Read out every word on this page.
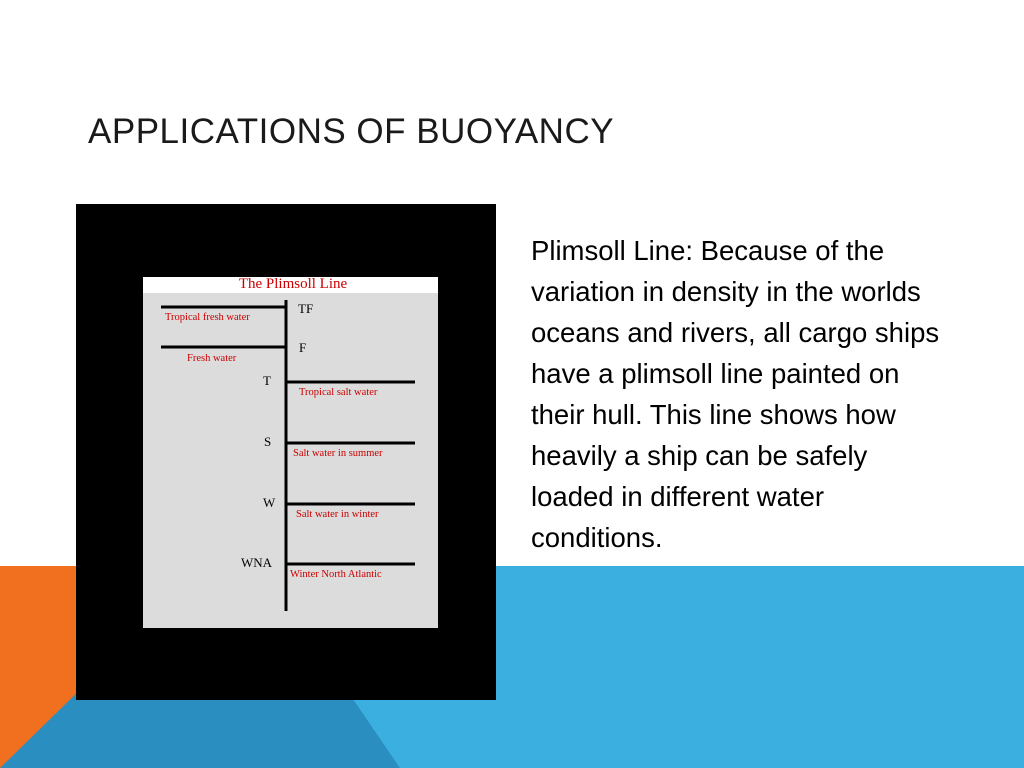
APPLICATIONS OF BUOYANCY
The Plimsoll Line
TF
F
T
S
W
WNA
Tropical fresh water
Fresh water
Tropical salt water
Salt water in summer
Salt water in winter
Winter North Atlantic

Plimsoll Line: Because of the variation in density in the worlds oceans and rivers, all cargo ships have a plimsoll line painted on their hull. This line shows how heavily a ship can be safely loaded in different water conditions.
